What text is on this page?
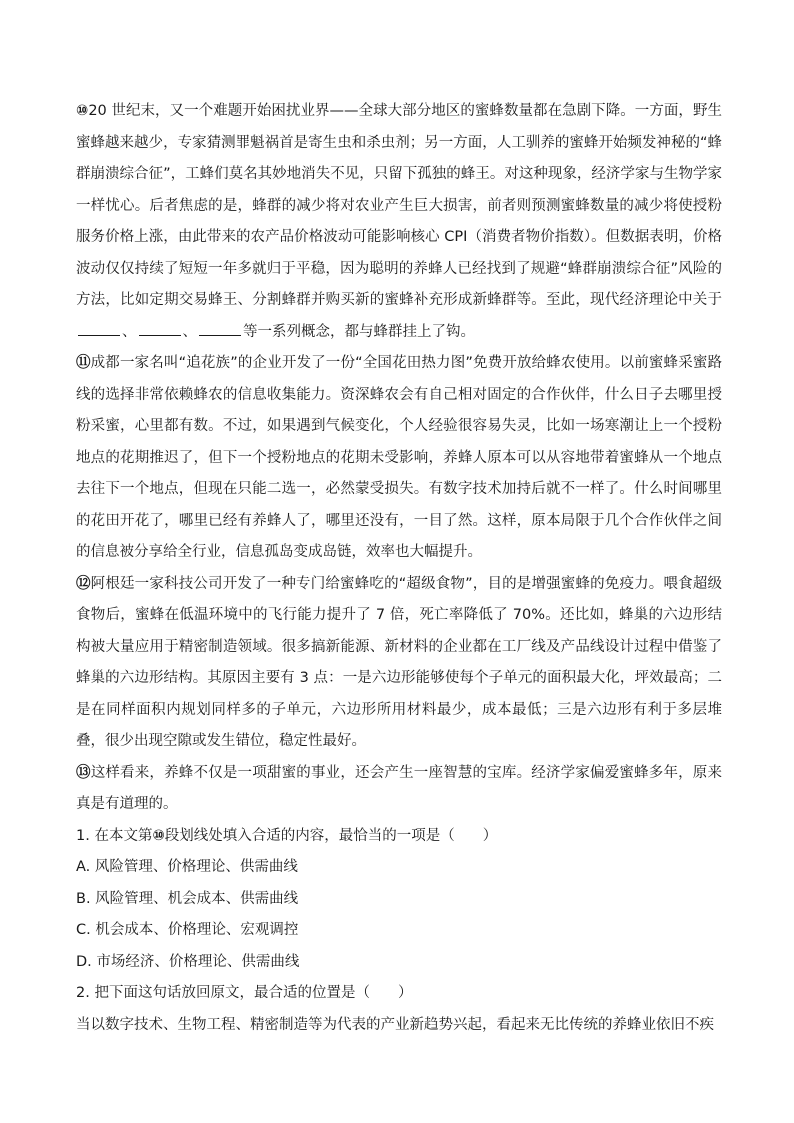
⑩20 世纪末，又一个难题开始困扰业界——全球大部分地区的蜜蜂数量都在急剧下降。一方面，野生蜜蜂越来越少，专家猜测罪魁祸首是寄生虫和杀虫剂；另一方面，人工驯养的蜜蜂开始频发神秘的“蜂群崩溃综合征”，工蜂们莫名其妙地消失不见，只留下孤独的蜂王。对这种现象，经济学家与生物学家一样忧心。后者焦虑的是，蜂群的减少将对农业产生巨大损害，前者则预测蜜蜂数量的减少将使授粉服务价格上涨，由此带来的农产品价格波动可能影响核心 CPI（消费者物价指数）。但数据表明，价格波动仅仅持续了短短一年多就归于平稳，因为聪明的养蜂人已经找到了规避“蜂群崩溃综合征”风险的方法，比如定期交易蜂王、分割蜂群并购买新的蜜蜂补充形成新蜂群等。至此，现代经济理论中关于、	、	等一系列概念，都与蜂群挂上了钩。

⑪成都一家名叫“追花族”的企业开发了一份“全国花田热力图”免费开放给蜂农使用。以前蜜蜂采蜜路线的选择非常依赖蜂农的信息收集能力。资深蜂农会有自己相对固定的合作伙伴，什么日子去哪里授粉采蜜，心里都有数。不过，如果遇到气候变化，个人经验很容易失灵，比如一场寒潮让上一个授粉地点的花期推迟了，但下一个授粉地点的花期未受影响，养蜂人原本可以从容地带着蜜蜂从一个地点去往下一个地点，但现在只能二选一，必然蒙受损失。有数字技术加持后就不一样了。什么时间哪里的花田开花了，哪里已经有养蜂人了，哪里还没有，一目了然。这样，原本局限于几个合作伙伴之间的信息被分享给全行业，信息孤岛变成岛链，效率也大幅提升。

⑫阿根廷一家科技公司开发了一种专门给蜜蜂吃的“超级食物”，目的是增强蜜蜂的免疫力。喂食超级食物后，蜜蜂在低温环境中的飞行能力提升了 7 倍，死亡率降低了 70%。还比如，蜂巢的六边形结构被大量应用于精密制造领域。很多搞新能源、新材料的企业都在工厂线及产品线设计过程中借鉴了蜂巢的六边形结构。其原因主要有 3 点：一是六边形能够使每个子单元的面积最大化，坪效最高；二是在同样面积内规划同样多的子单元，六边形所用材料最少，成本最低；三是六边形有利于多层堆叠，很少出现空隙或发生错位，稳定性最好。

⑬这样看来，养蜂不仅是一项甜蜜的事业，还会产生一座智慧的宝库。经济学家偏爱蜜蜂多年，原来真是有道理的。

1. 在本文第⑩段划线处填入合适的内容，最恰当的一项是（ ）

A. 风险管理、价格理论、供需曲线

B. 风险管理、机会成本、供需曲线

C. 机会成本、价格理论、宏观调控

D. 市场经济、价格理论、供需曲线

2. 把下面这句话放回原文，最合适的位置是（ ）

当以数字技术、生物工程、精密制造等为代表的产业新趋势兴起，看起来无比传统的养蜂业依旧不疾
